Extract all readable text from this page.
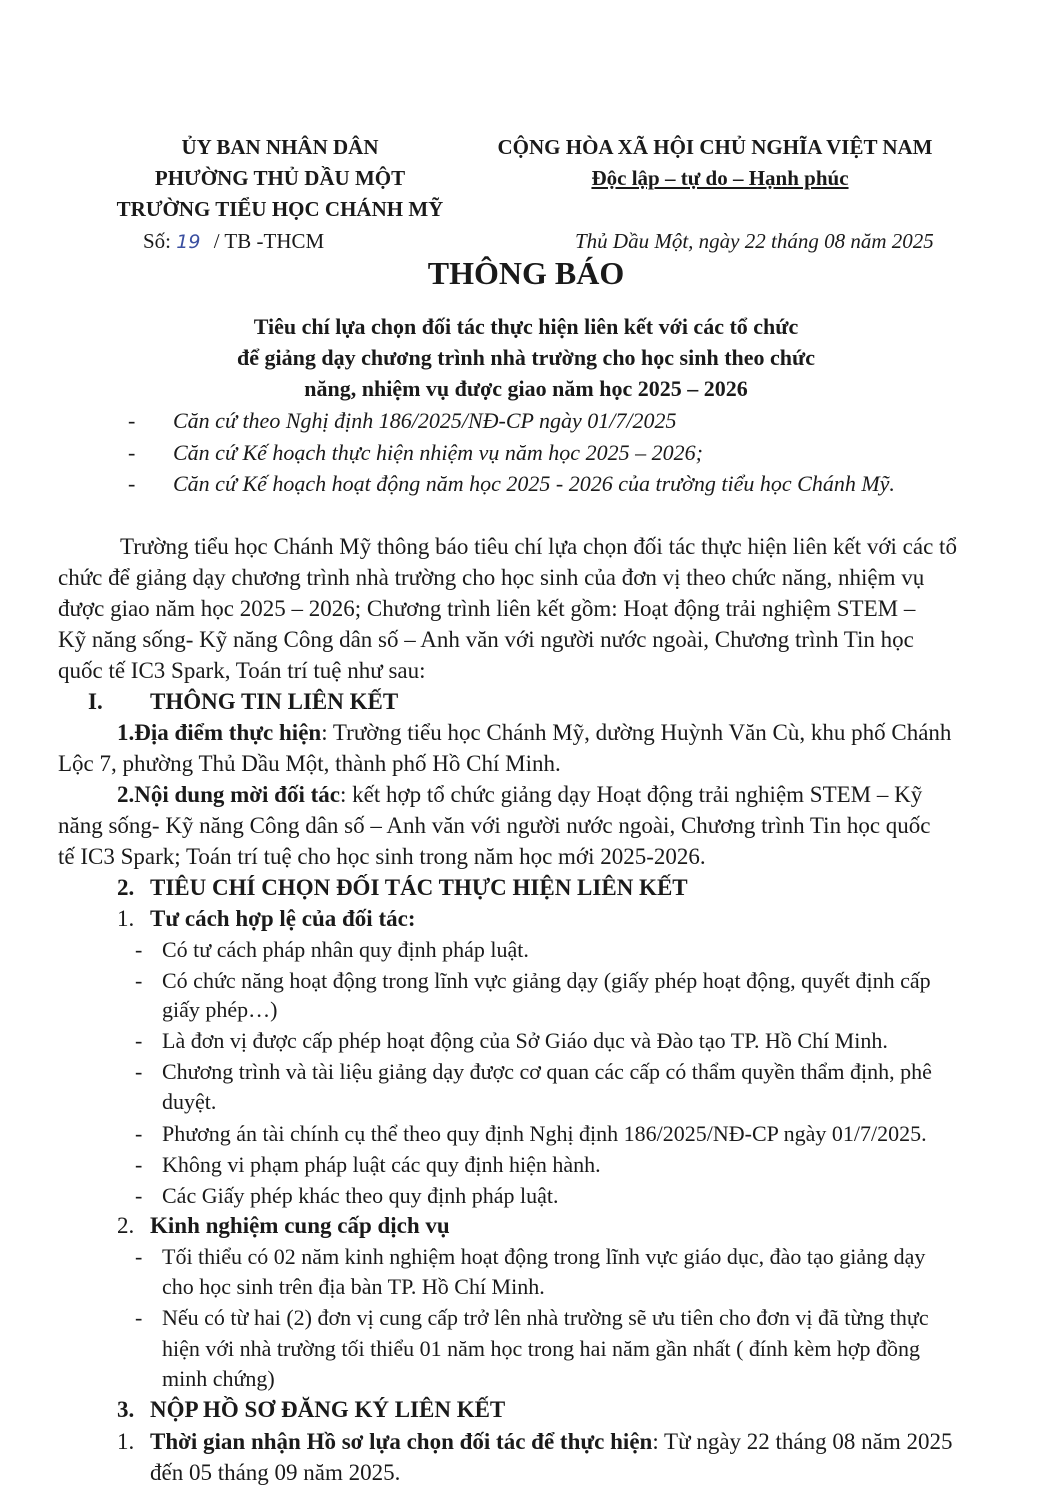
ỦY BAN NHÂN DÂN
PHƯỜNG THỦ DẦU MỘT
TRƯỜNG TIỂU HỌC CHÁNH MỸ
Số: 19 / TB -THCM
CỘNG HÒA XÃ HỘI CHỦ NGHĨA VIỆT NAM
Độc lập – tự do – Hạnh phúc
Thủ Dầu Một, ngày 22 tháng 08 năm 2025
THÔNG BÁO
Tiêu chí lựa chọn đối tác thực hiện liên kết với các tổ chức
để giảng dạy chương trình nhà trường cho học sinh theo chức
năng, nhiệm vụ được giao năm học 2025 – 2026
- Căn cứ theo Nghị định 186/2025/NĐ-CP ngày 01/7/2025
- Căn cứ Kế hoạch thực hiện nhiệm vụ năm học 2025 – 2026;
- Căn cứ Kế hoạch hoạt động năm học 2025 - 2026 của trường tiểu học Chánh Mỹ.
Trường tiểu học Chánh Mỹ thông báo tiêu chí lựa chọn đối tác thực hiện liên kết với các tổ
chức để giảng dạy chương trình nhà trường cho học sinh của đơn vị theo chức năng, nhiệm vụ
được giao năm học 2025 – 2026; Chương trình liên kết gồm: Hoạt động trải nghiệm STEM –
Kỹ năng sống- Kỹ năng Công dân số – Anh văn với người nước ngoài, Chương trình Tin học
quốc tế IC3 Spark, Toán trí tuệ như sau:
I. THÔNG TIN LIÊN KẾT
1.Địa điểm thực hiện: Trường tiểu học Chánh Mỹ, dường Huỳnh Văn Cù, khu phố Chánh
Lộc 7, phường Thủ Dầu Một, thành phố Hồ Chí Minh.
2.Nội dung mời đối tác: kết hợp tổ chức giảng dạy Hoạt động trải nghiệm STEM – Kỹ
năng sống- Kỹ năng Công dân số – Anh văn với người nước ngoài, Chương trình Tin học quốc
tế IC3 Spark; Toán trí tuệ cho học sinh trong năm học mới 2025-2026.
2. TIÊU CHÍ CHỌN ĐỐI TÁC THỰC HIỆN LIÊN KẾT
1. Tư cách hợp lệ của đối tác:
- Có tư cách pháp nhân quy định pháp luật.
- Có chức năng hoạt động trong lĩnh vực giảng dạy (giấy phép hoạt động, quyết định cấp
giấy phép…)
- Là đơn vị được cấp phép hoạt động của Sở Giáo dục và Đào tạo TP. Hồ Chí Minh.
- Chương trình và tài liệu giảng dạy được cơ quan các cấp có thẩm quyền thẩm định, phê
duyệt.
- Phương án tài chính cụ thể theo quy định Nghị định 186/2025/NĐ-CP ngày 01/7/2025.
- Không vi phạm pháp luật các quy định hiện hành.
- Các Giấy phép khác theo quy định pháp luật.
2. Kinh nghiệm cung cấp dịch vụ
- Tối thiểu có 02 năm kinh nghiệm hoạt động trong lĩnh vực giáo dục, đào tạo giảng dạy
cho học sinh trên địa bàn TP. Hồ Chí Minh.
- Nếu có từ hai (2) đơn vị cung cấp trở lên nhà trường sẽ ưu tiên cho đơn vị đã từng thực
hiện với nhà trường tối thiểu 01 năm học trong hai năm gần nhất ( đính kèm hợp đồng
minh chứng)
3. NỘP HỒ SƠ ĐĂNG KÝ LIÊN KẾT
1. Thời gian nhận Hồ sơ lựa chọn đối tác để thực hiện: Từ ngày 22 tháng 08 năm 2025
đến 05 tháng 09 năm 2025.
